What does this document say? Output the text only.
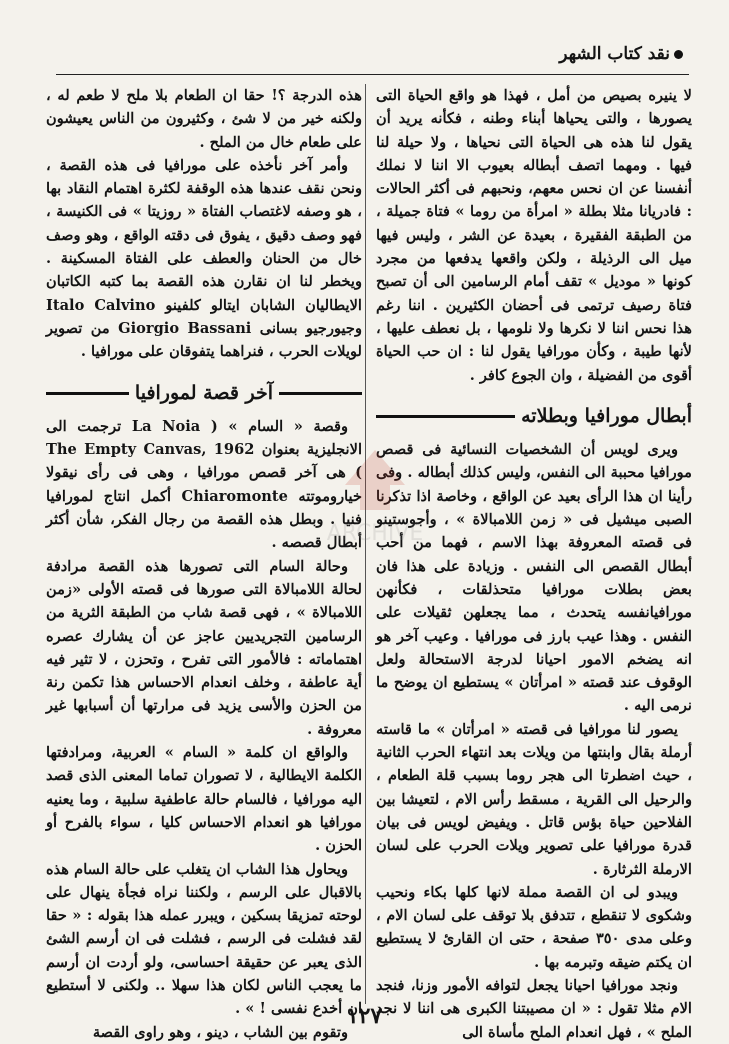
نقد كتاب الشهر

لا ينيره بصيص من أمل ، فهذا هو واقع الحياة التى يصورها ، والتى يحياها أبناء وطنه ، فكأنه يريد أن يقول لنا هذه هى الحياة التى نحياها ، ولا حيلة لنا فيها . ومهما اتصف أبطاله بعيوب الا اننا لا نملك أنفسنا عن ان نحس معهم، ونحبهم فى أكثر الحالات : فادريانا مثلا بطلة « امرأة من روما » فتاة جميلة ، من الطبقة الفقيرة ، بعيدة عن الشر ، وليس فيها ميل الى الرذيلة ، ولكن واقعها يدفعها من مجرد كونها « موديل » تقف أمام الرسامين الى أن تصبح فتاة رصيف ترتمى فى أحضان الكثيرين . اننا رغم هذا نحس اننا لا نكرها ولا نلومها ، بل نعطف عليها ، لأنها طيبة ، وكأن مورافيا يقول لنا : ان حب الحياة أقوى من الفضيلة ، وان الجوع كافر .

أبطال مورافيا وبطلاته

ويرى لويس أن الشخصيات النسائية فى قصص مورافيا محببة الى النفس، وليس كذلك أبطاله . وفى رأينا ان هذا الرأى بعيد عن الواقع ، وخاصة اذا تذكرنا الصبى ميشيل فى « زمن اللامبالاة » ، وأجوستينو فى قصته المعروفة بهذا الاسم ، فهما من أحب أبطال القصص الى النفس . وزيادة على هذا فان بعض بطلات مورافيا متحذلقات ، فكأنهن مورافيانفسه يتحدث ، مما يجعلهن ثقيلات على النفس . وهذا عيب بارز فى مورافيا . وعيب آخر هو انه يضخم الامور احيانا لدرجة الاستحالة ولعل الوقوف عند قصته « امرأتان » يستطيع ان يوضح ما نرمى اليه .

يصور لنا مورافيا فى قصته « امرأتان » ما قاسته أرملة بقال وابنتها من ويلات بعد انتهاء الحرب الثانية ، حيث اضطرتا الى هجر روما بسبب قلة الطعام ، والرحيل الى القرية ، مسقط رأس الام ، لتعيشا بين الفلاحين حياة بؤس قاتل . ويفيض لويس فى بيان قدرة مورافيا على تصوير ويلات الحرب على لسان الارملة الثرثارة .

ويبدو لى ان القصة مملة لانها كلها بكاء ونحيب وشكوى لا تنقطع ، تتدفق بلا توقف على لسان الام ، وعلى مدى ٣٥٠ صفحة ، حتى ان القارئ لا يستطيع ان يكتم ضيقه وتبرمه بها .

ونجد مورافيا احيانا يجعل لتوافه الأمور وزنا، فنجد الام مثلا تقول : « ان مصيبتنا الكبرى هى اننا لا نجد الملح » ، فهل انعدام الملح مأساة الى

هذه الدرجة ؟! حقا ان الطعام بلا ملح لا طعم له ، ولكنه خير من لا شئ ، وكثيرون من الناس يعيشون على طعام خال من الملح .

وأمر آخر نأخذه على مورافيا فى هذه القصة ، ونحن نقف عندها هذه الوقفة لكثرة اهتمام النقاد بها ، هو وصفه لاغتصاب الفتاة « روزيتا » فى الكنيسة ، فهو وصف دقيق ، يفوق فى دقته الواقع ، وهو وصف خال من الحنان والعطف على الفتاة المسكينة . ويخطر لنا ان نقارن هذه القصة بما كتبه الكاتبان الايطاليان الشابان ايتالو كلفينو Italo Calvino وجيورجيو بسانى Giorgio Bassani من تصوير لويلات الحرب ، فنراهما يتفوقان على مورافيا .

آخر قصة لمورافيا

وقصة « السام » ( La Noia ترجمت الى الانجليزية بعنوان The Empty Canvas, 1962 ) هى آخر قصص مورافيا ، وهى فى رأى نيقولا خياروموتته Chiaromonte أكمل انتاج لمورافيا فنيا . وبطل هذه القصة من رجال الفكر، شأن أكثر أبطال قصصه .

وحالة السام التى تصورها هذه القصة مرادفة لحالة اللامبالاة التى صورها فى قصته الأولى «زمن اللامبالاة » ، فهى قصة شاب من الطبقة الثرية من الرسامين التجريديين عاجز عن أن يشارك عصره اهتماماته : فالأمور التى تفرح ، وتحزن ، لا تثير فيه أية عاطفة ، وخلف انعدام الاحساس هذا تكمن رنة من الحزن والأسى يزيد فى مرارتها أن أسبابها غير معروفة .

والواقع ان كلمة « السام » العربية، ومرادفتها الكلمة الايطالية ، لا تصوران تماما المعنى الذى قصد اليه مورافيا ، فالسام حالة عاطفية سلبية ، وما يعنيه مورافيا هو انعدام الاحساس كليا ، سواء بالفرح أو الحزن .

ويحاول هذا الشاب ان يتغلب على حالة السام هذه بالاقبال على الرسم ، ولكننا نراه فجأة ينهال على لوحته تمزيقا بسكين ، ويبرر عمله هذا بقوله : « حقا لقد فشلت فى الرسم ، فشلت فى ان أرسم الشئ الذى يعبر عن حقيقة احساسى، ولو أردت ان أرسم ما يعجب الناس لكان هذا سهلا .. ولكنى لا أستطيع ان أخدع نفسى ! » .

وتقوم بين الشاب ، دينو ، وهو راوى القصة

ARCHIVE
١٢٧
